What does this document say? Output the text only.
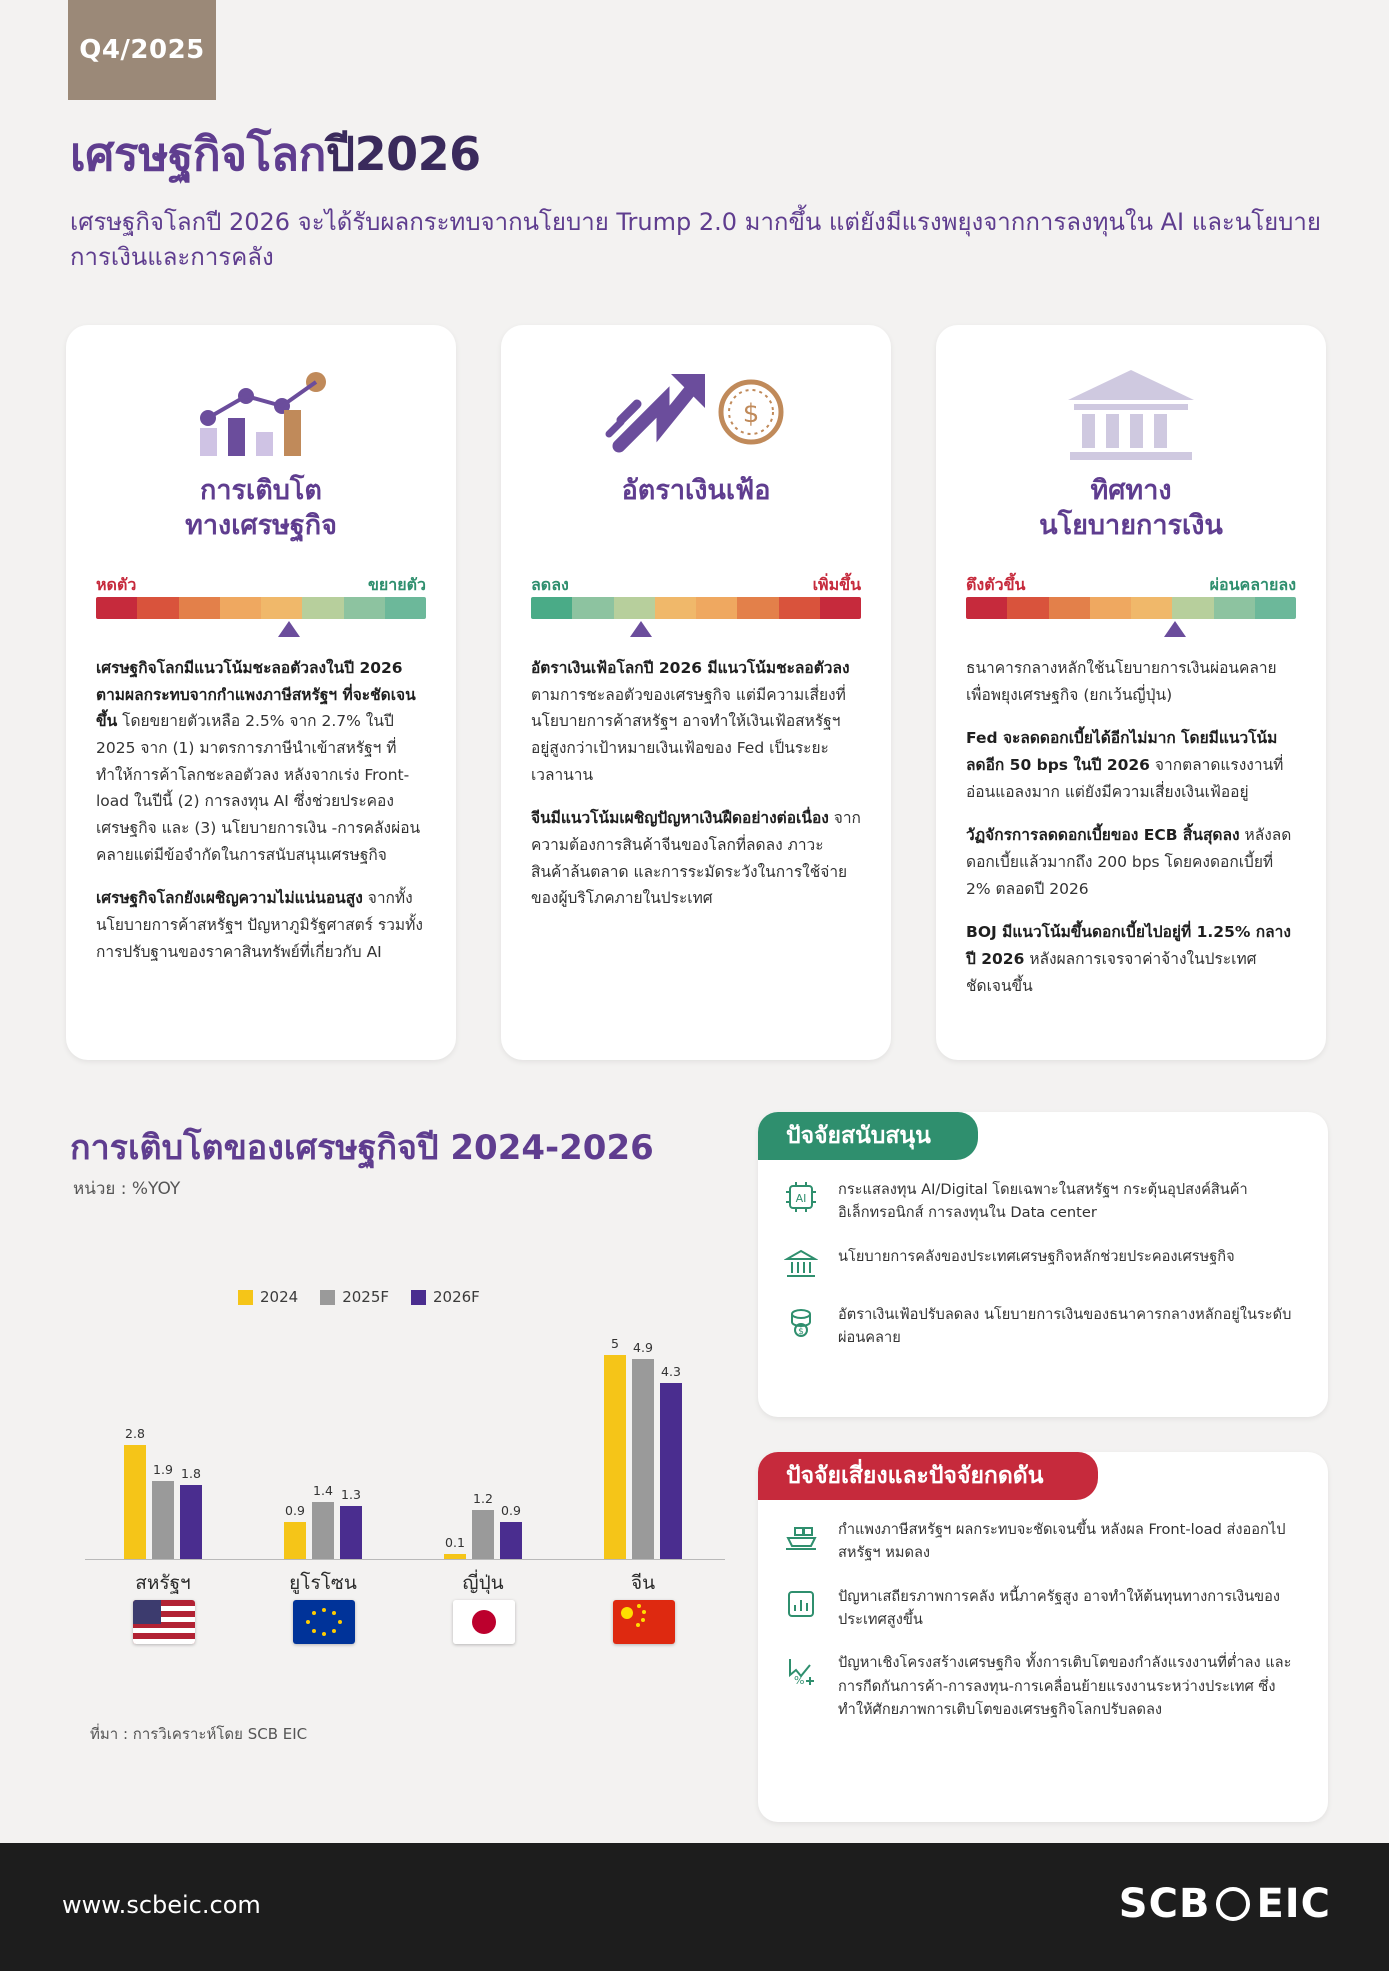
Q4/2025
เศรษฐกิจโลกปี2026
เศรษฐกิจโลกปี 2026 จะได้รับผลกระทบจากนโยบาย Trump 2.0 มากขึ้น แต่ยังมีแรงพยุงจากการลงทุนใน AI และนโยบายการเงินและการคลัง
การเติบโต
ทางเศรษฐกิจ
หดตัว	ขยายตัว

เศรษฐกิจโลกมีแนวโน้มชะลอตัวลงในปี 2026 ตามผลกระทบจากกำแพงภาษีสหรัฐฯ ที่จะชัดเจนขึ้น โดยขยายตัวเหลือ 2.5% จาก 2.7% ในปี 2025 จาก (1) มาตรการภาษีนำเข้าสหรัฐฯ ที่ทำให้การค้าโลกชะลอตัวลง หลังจากเร่ง Front-load ในปีนี้ (2) การลงทุน AI ซึ่งช่วยประคองเศรษฐกิจ และ (3) นโยบายการเงิน -การคลังผ่อนคลายแต่มีข้อจำกัดในการสนับสนุนเศรษฐกิจ

เศรษฐกิจโลกยังเผชิญความไม่แน่นอนสูง จากทั้งนโยบายการค้าสหรัฐฯ ปัญหาภูมิรัฐศาสตร์ รวมทั้งการปรับฐานของราคาสินทรัพย์ที่เกี่ยวกับ AI

$
อัตราเงินเฟ้อ
ลดลง	เพิ่มขึ้น

อัตราเงินเฟ้อโลกปี 2026 มีแนวโน้มชะลอตัวลง ตามการชะลอตัวของเศรษฐกิจ แต่มีความเสี่ยงที่นโยบายการค้าสหรัฐฯ อาจทำให้เงินเฟ้อสหรัฐฯ อยู่สูงกว่าเป้าหมายเงินเฟ้อของ Fed เป็นระยะเวลานาน

จีนมีแนวโน้มเผชิญปัญหาเงินฝืดอย่างต่อเนื่อง จากความต้องการสินค้าจีนของโลกที่ลดลง ภาวะสินค้าล้นตลาด และการระมัดระวังในการใช้จ่ายของผู้บริโภคภายในประเทศ

ทิศทาง
นโยบายการเงิน
ตึงตัวขึ้น	ผ่อนคลายลง

ธนาคารกลางหลักใช้นโยบายการเงินผ่อนคลายเพื่อพยุงเศรษฐกิจ (ยกเว้นญี่ปุ่น)

Fed จะลดดอกเบี้ยได้อีกไม่มาก โดยมีแนวโน้มลดอีก 50 bps ในปี 2026 จากตลาดแรงงานที่อ่อนแอลงมาก แต่ยังมีความเสี่ยงเงินเฟ้ออยู่

วัฏจักรการลดดอกเบี้ยของ ECB สิ้นสุดลง หลังลดดอกเบี้ยแล้วมากถึง 200 bps โดยคงดอกเบี้ยที่ 2% ตลอดปี 2026

BOJ มีแนวโน้มขึ้นดอกเบี้ยไปอยู่ที่ 1.25% กลางปี 2026 หลังผลการเจรจาค่าจ้างในประเทศชัดเจนขึ้น

การเติบโตของเศรษฐกิจปี 2024-2026
หน่วย : %YOY
2024	2025F	2026F
2.8
1.9 1.8
0.9
1.4 1.3
0.1
1.2
0.9
5 4.9
4.3
สหรัฐฯ	ยูโรโซน	ญี่ปุ่น	จีน
ที่มา : การวิเคราะห์โดย SCB EIC
ปัจจัยสนับสนุน
AI
กระแสลงทุน AI/Digital โดยเฉพาะในสหรัฐฯ กระตุ้นอุปสงค์สินค้าอิเล็กทรอนิกส์ การลงทุนใน Data center
นโยบายการคลังของประเทศเศรษฐกิจหลักช่วยประคองเศรษฐกิจ
$
อัตราเงินเฟ้อปรับลดลง นโยบายการเงินของธนาคารกลางหลักอยู่ในระดับผ่อนคลาย
ปัจจัยเสี่ยงและปัจจัยกดดัน
กำแพงภาษีสหรัฐฯ ผลกระทบจะชัดเจนขึ้น หลังผล Front-load ส่งออกไปสหรัฐฯ หมดลง
ปัญหาเสถียรภาพการคลัง หนี้ภาครัฐสูง อาจทำให้ต้นทุนทางการเงินของประเทศสูงขึ้น
%
ปัญหาเชิงโครงสร้างเศรษฐกิจ ทั้งการเติบโตของกำลังแรงงานที่ต่ำลง และการกีดกันการค้า-การลงทุน-การเคลื่อนย้ายแรงงานระหว่างประเทศ ซึ่งทำให้ศักยภาพการเติบโตของเศรษฐกิจโลกปรับลดลง
www.scbeic.com	SCB EIC
